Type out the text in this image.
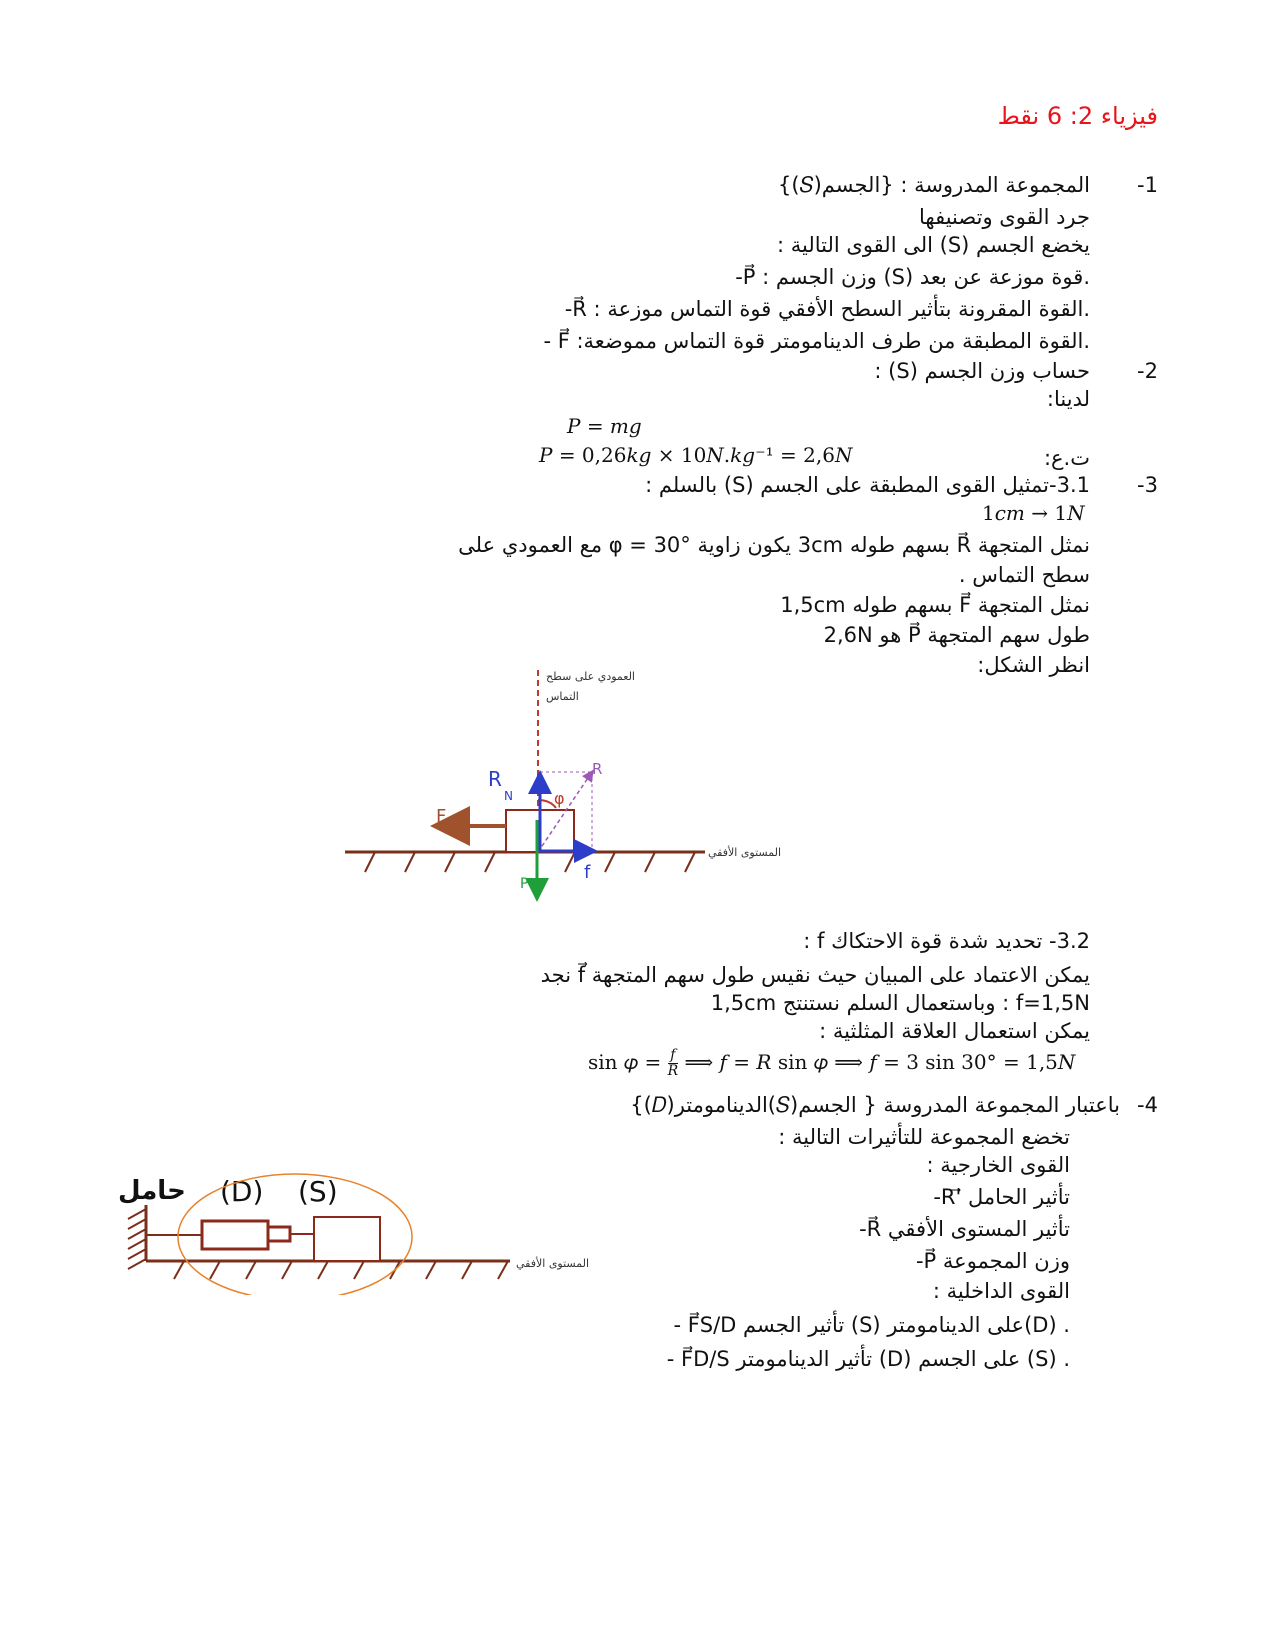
فيزياء 2: 6 نقط
-1
المجموعة المدروسة : {الجسم(𝑆)}
جرد القوى وتصنيفها
يخضع الجسم (S) الى القوى التالية :
-P⃗ : وزن الجسم (S) قوة موزعة عن بعد.
-R⃗ : القوة المقرونة بتأثير السطح الأفقي قوة التماس موزعة.
- F⃗ :القوة المطبقة من طرف الدينامومتر قوة التماس مموضعة.
-2
حساب وزن الجسم (S) :
لدينا:
𝑃 = 𝑚𝑔
ت.ع:
𝑃 = 0,26𝑘𝑔 × 10𝑁.𝑘𝑔⁻¹ = 2,6𝑁
-3
3.1-تمثيل القوى المطبقة على الجسم (S) بالسلم :
1𝑐𝑚 → 1𝑁
نمثل المتجهة R⃗ بسهم طوله 3cm يكون زاوية φ = 30° مع العمودي على
سطح التماس .
نمثل المتجهة F⃗ بسهم طوله 1,5cm
طول سهم المتجهة P⃗ هو 2,6N
انظر الشكل:
العمودي على سطح
التماس
المستوى الأفقي
R
φ
R
N
f
F
P
3.2- تحديد شدة قوة الاحتكاك f :
يمكن الاعتماد على المبيان حيث نقيس طول سهم المتجهة f⃗ نجد
1,5cm وباستعمال السلم نستنتج : f=1,5N
يمكن استعمال العلاقة المثلثية :
sin 𝜑 = 𝑓
𝑅 ⟹ 𝑓 = 𝑅 sin 𝜑 ⟹ 𝑓 = 3 sin 30° = 1,5𝑁
-4
باعتبار المجموعة المدروسة { الجسم(𝑆)الدينامومتر(𝐷)}
تخضع المجموعة للتأثيرات التالية :
القوى الخارجية :
-R'⃗ تأثير الحامل
-R⃗ تأثير المستوى الأفقي
-P⃗ وزن المجموعة
القوى الداخلية :
- F⃗S/D تأثير الجسم (S) على الدينامومتر(D) .
- F⃗D/S تأثير الدينامومتر (D) على الجسم (S) .
حامل (D) (S)
المستوى الأفقي
